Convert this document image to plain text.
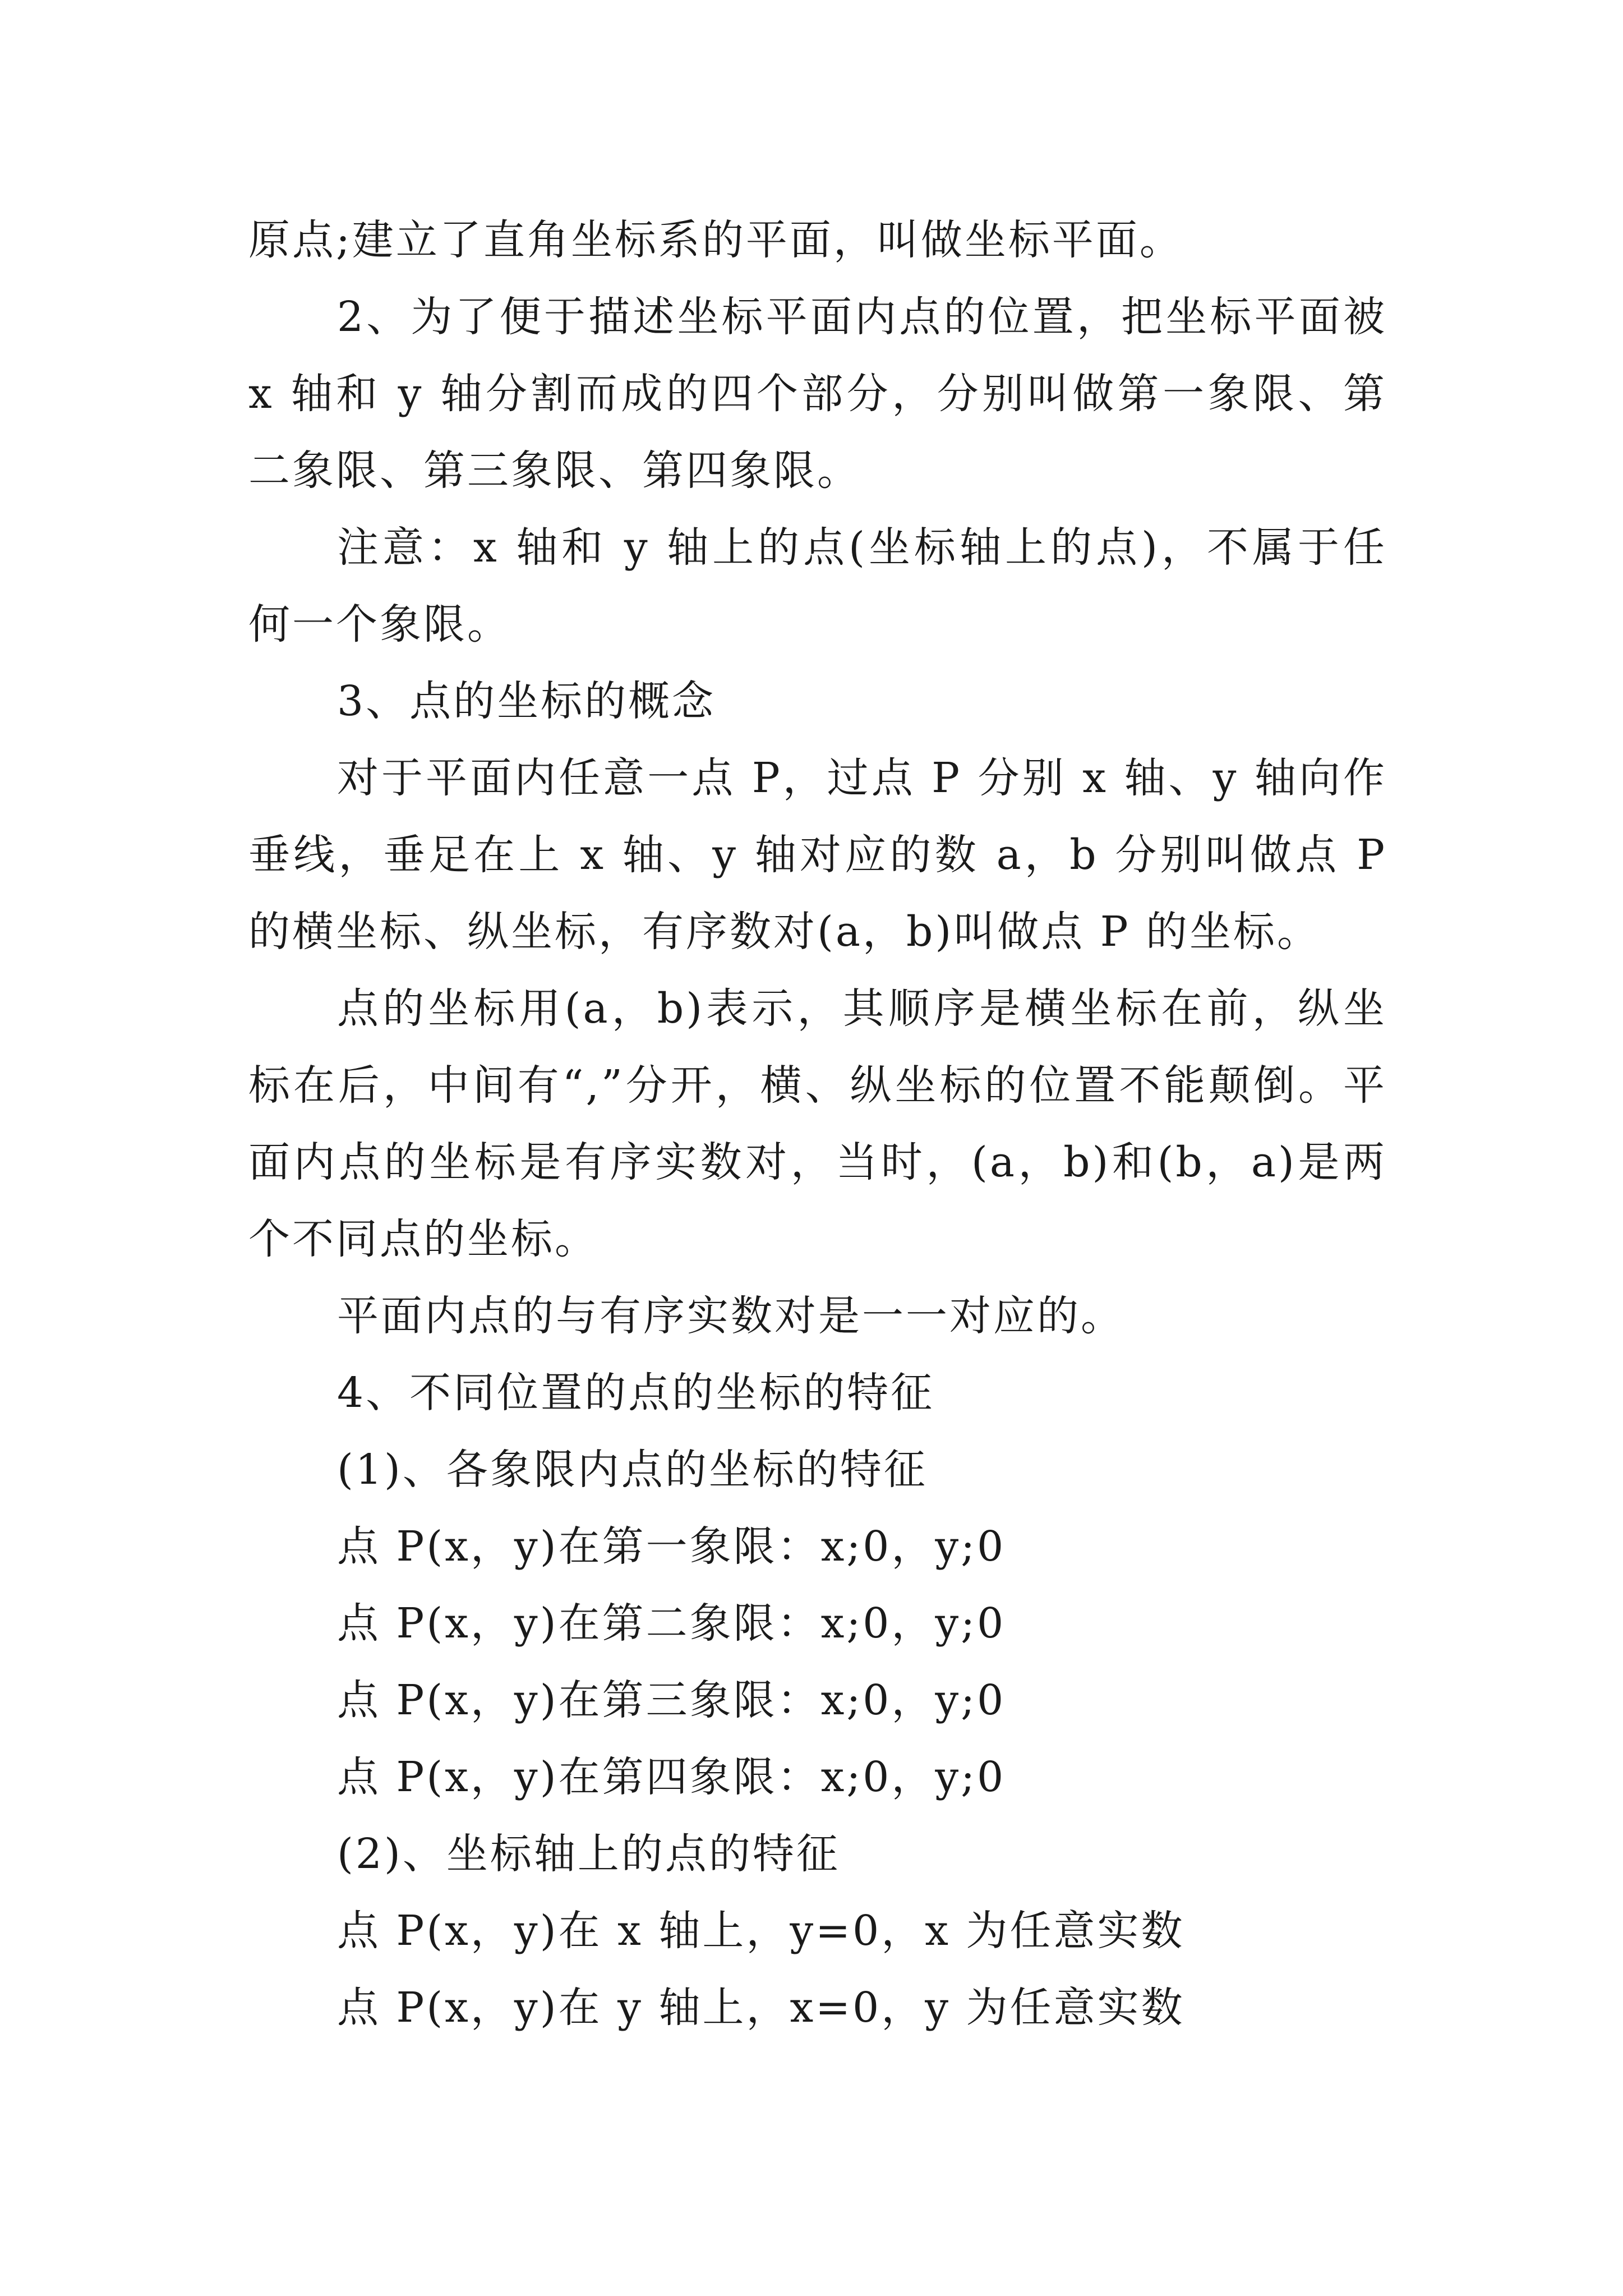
原点;建立了直角坐标系的平面，叫做坐标平面。

2、为了便于描述坐标平面内点的位置，把坐标平面被 x 轴和 y 轴分割而成的四个部分，分别叫做第一象限、第二象限、第三象限、第四象限。

注意：x 轴和 y 轴上的点(坐标轴上的点)，不属于任何一个象限。

3、点的坐标的概念

对于平面内任意一点 P，过点 P 分别 x 轴、y 轴向作垂线，垂足在上 x 轴、y 轴对应的数 a，b 分别叫做点 P 的横坐标、纵坐标，有序数对(a，b)叫做点 P 的坐标。

点的坐标用(a，b)表示，其顺序是横坐标在前，纵坐标在后，中间有“,”分开，横、纵坐标的位置不能颠倒。平面内点的坐标是有序实数对，当时，(a，b)和(b，a)是两个不同点的坐标。

平面内点的与有序实数对是一一对应的。

4、不同位置的点的坐标的特征

(1)、各象限内点的坐标的特征

点 P(x，y)在第一象限：x;0，y;0

点 P(x，y)在第二象限：x;0，y;0

点 P(x，y)在第三象限：x;0，y;0

点 P(x，y)在第四象限：x;0，y;0

(2)、坐标轴上的点的特征

点 P(x，y)在 x 轴上，y=0，x 为任意实数

点 P(x，y)在 y 轴上，x=0，y 为任意实数
